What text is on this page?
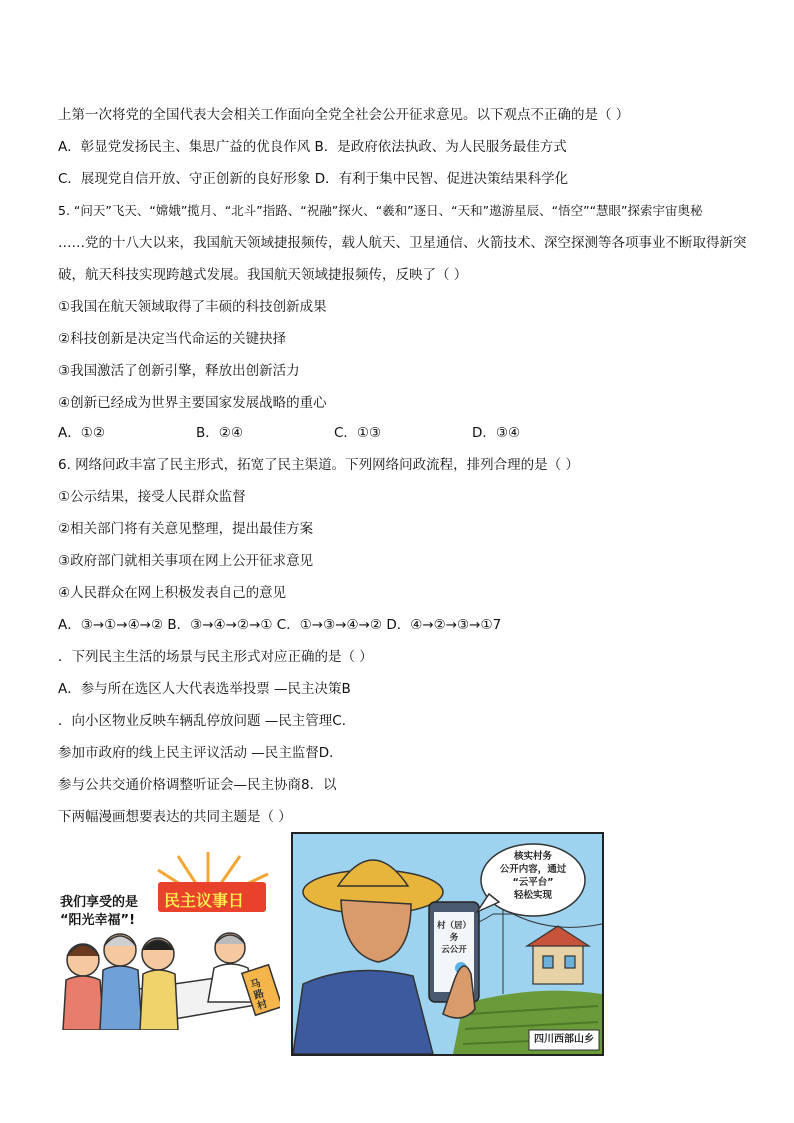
上第一次将党的全国代表大会相关工作面向全党全社会公开征求意见。以下观点不正确的是（ ）
A．彰显党发扬民主、集思广益的优良作风 B．是政府依法执政、为人民服务最佳方式
C．展现党自信开放、守正创新的良好形象 D．有利于集中民智、促进决策结果科学化
5. “问天”飞天、“嫦娥”揽月、“北斗”指路、“祝融”探火、“羲和”逐日、“天和”遨游星辰、“悟空”“慧眼”探索宇宙奥秘
……党的十八大以来，我国航天领域捷报频传，载人航天、卫星通信、火箭技术、深空探测等各项事业不断取得新突
破，航天科技实现跨越式发展。我国航天领域捷报频传，反映了（ ）
①我国在航天领域取得了丰硕的科技创新成果
②科技创新是决定当代命运的关键抉择
③我国激活了创新引擎，释放出创新活力
④创新已经成为世界主要国家发展战略的重心
A．①②	B．②④	C．①③	D．③④
6. 网络问政丰富了民主形式，拓宽了民主渠道。下列网络问政流程，排列合理的是（ ）
①公示结果，接受人民群众监督
②相关部门将有关意见整理，提出最佳方案
③政府部门就相关事项在网上公开征求意见
④人民群众在网上积极发表自己的意见
A．③→①→④→② B．③→④→②→① C．①→③→④→② D．④→②→③→①7
．下列民主生活的场景与民主形式对应正确的是（ ）
A．参与所在选区人大代表选举投票 —民主决策B
．向小区物业反映车辆乱停放问题 —民主管理C．
参加市政府的线上民主评议活动 —民主监督D．
参与公共交通价格调整听证会—民主协商8．以
下两幅漫画想要表达的共同主题是（ ）
我们享受的是
“阳光幸福”!
民主议事日
马路村
核实村务
公开内容，通过
“云平台”
轻松实现
村（居）务
云公开
四川西部山乡
